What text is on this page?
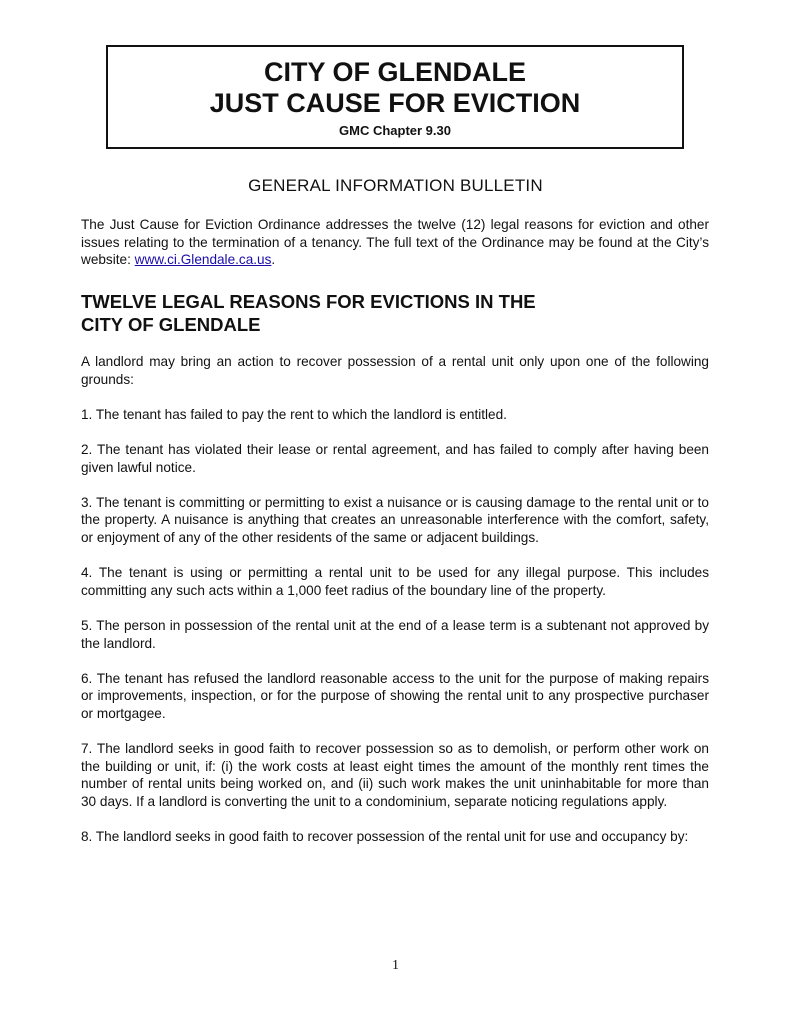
CITY OF GLENDALE
JUST CAUSE FOR EVICTION
GMC Chapter 9.30
GENERAL INFORMATION BULLETIN
The Just Cause for Eviction Ordinance addresses the twelve (12) legal reasons for eviction and other issues relating to the termination of a tenancy. The full text of the Ordinance may be found at the City’s website: www.ci.Glendale.ca.us.
TWELVE LEGAL REASONS FOR EVICTIONS IN THE
CITY OF GLENDALE

A landlord may bring an action to recover possession of a rental unit only upon one of the following grounds:

1. The tenant has failed to pay the rent to which the landlord is entitled.

2. The tenant has violated their lease or rental agreement, and has failed to comply after having been given lawful notice.

3. The tenant is committing or permitting to exist a nuisance or is causing damage to the rental unit or to the property. A nuisance is anything that creates an unreasonable interference with the comfort, safety, or enjoyment of any of the other residents of the same or adjacent buildings.

4. The tenant is using or permitting a rental unit to be used for any illegal purpose. This includes committing any such acts within a 1,000 feet radius of the boundary line of the property.

5. The person in possession of the rental unit at the end of a lease term is a subtenant not approved by the landlord.

6. The tenant has refused the landlord reasonable access to the unit for the purpose of making repairs or improvements, inspection, or for the purpose of showing the rental unit to any prospective purchaser or mortgagee.

7. The landlord seeks in good faith to recover possession so as to demolish, or perform other work on the building or unit, if: (i) the work costs at least eight times the amount of the monthly rent times the number of rental units being worked on, and (ii) such work makes the unit uninhabitable for more than 30 days. If a landlord is converting the unit to a condominium, separate noticing regulations apply.

8. The landlord seeks in good faith to recover possession of the rental unit for use and occupancy by:

1
